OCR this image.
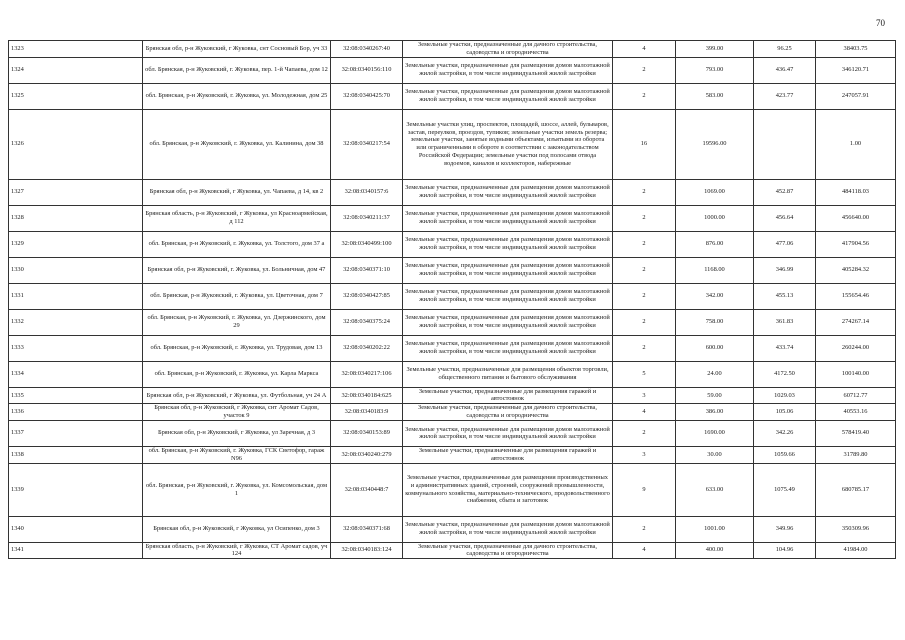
70
1323	Брянская обл, р-н Жуковский, г Жуковка, снт Сосновый Бор, уч 33	32:08:0340267:40	Земельные участки, предназначенные для дачного строительства, садоводства и огородничества	4	399.00	96.25	38403.75
1324	обл. Брянская, р-н Жуковский, г. Жуковка, пер. 1-й Чапаева, дом 12	32:08:0340156:110	Земельные участки, предназначенные для размещения домов малоэтажной жилой застройки, в том числе индивидуальной жилой застройки	2	793.00	436.47	346120.71
1325	обл. Брянская, р-н Жуковский, г. Жуковка, ул. Молодежная, дом 25	32:08:0340425:70	Земельные участки, предназначенные для размещения домов малоэтажной жилой застройки, в том числе индивидуальной жилой застройки	2	583.00	423.77	247057.91
1326	обл. Брянская, р-н Жуковский, г. Жуковка, ул. Калинина, дом 38	32:08:0340217:54	Земельные участки улиц, проспектов, площадей, шоссе, аллей, бульваров, застав, переулков, проездов, тупиков; земельные участки земель резерва; земельные участки, занятые водными объектами, изъятыми из оборота или ограниченными в обороте в соответствии с законодательством Российской Федерации; земельные участки под полосами отвода водоемов, каналов и коллекторов, набережные	16	19596.00		1.00
1327	Брянская обл, р-н Жуковский, г Жуковка, ул. Чапаева, д 14, кв 2	32:08:0340157:6	Земельные участки, предназначенные для размещения домов малоэтажной жилой застройки, в том числе индивидуальной жилой застройки	2	1069.00	452.87	484118.03
1328	Брянская область, р-н Жуковский, г Жуковка, ул Красноармейская, д 112	32:08:0340211:37	Земельные участки, предназначенные для размещения домов малоэтажной жилой застройки, в том числе индивидуальной жилой застройки	2	1000.00	456.64	456640.00
1329	обл. Брянская, р-н Жуковский, г. Жуковка, ул. Толстого, дом 37 а	32:08:0340499:100	Земельные участки, предназначенные для размещения домов малоэтажной жилой застройки, в том числе индивидуальной жилой застройки	2	876.00	477.06	417904.56
1330	Брянская обл, р-н Жуковский, г. Жуковка, ул. Больничная, дом 47	32:08:0340371:10	Земельные участки, предназначенные для размещения домов малоэтажной жилой застройки, в том числе индивидуальной жилой застройки	2	1168.00	346.99	405284.32
1331	обл. Брянская, р-н Жуковский, г. Жуковка, ул. Цветочная, дом 7	32:08:0340427:85	Земельные участки, предназначенные для размещения домов малоэтажной жилой застройки, в том числе индивидуальной жилой застройки	2	342.00	455.13	155654.46
1332	обл. Брянская, р-н Жуковский, г. Жуковка, ул. Дзержинского, дом 29	32:08:0340375:24	Земельные участки, предназначенные для размещения домов малоэтажной жилой застройки, в том числе индивидуальной жилой застройки	2	758.00	361.83	274267.14
1333	обл. Брянская, р-н Жуковский, г. Жуковка, ул. Трудовая, дом 13	32:08:0340202:22	Земельные участки, предназначенные для размещения домов малоэтажной жилой застройки, в том числе индивидуальной жилой застройки	2	600.00	433.74	260244.00
1334	обл. Брянская, р-н Жуковский, г. Жуковка, ул. Карла Маркса	32:08:0340217:106	Земельные участки, предназначенные для размещения объектов торговли, общественного питания и бытового обслуживания	5	24.00	4172.50	100140.00
1335	Брянская обл, р-н Жуковский, г Жуковка, ул. Футбольная, уч 24 А	32:08:0340184:625	Земельные участки, предназначенные для размещения гаражей и автостоянок	3	59.00	1029.03	60712.77
1336	Брянская обл, р-н Жуковский, г Жуковка, снт Аромат Садов, участок 9	32:08:0340183:9	Земельные участки, предназначенные для дачного строительства, садоводства и огородничества	4	386.00	105.06	40553.16
1337	Брянская обл, р-н Жуковский, г Жуковка, ул Заречная, д 3	32:08:0340153:89	Земельные участки, предназначенные для размещения домов малоэтажной жилой застройки, в том числе индивидуальной жилой застройки	2	1690.00	342.26	578419.40
1338	обл. Брянская, р-н Жуковский, г. Жуковка, ГСК Светофор, гараж N96	32:08:0340240:279	Земельные участки, предназначенные для размещения гаражей и автостоянок	3	30.00	1059.66	31789.80
1339	обл. Брянская, р-н Жуковский, г. Жуковка, ул. Комсомольская, дом 1	32:08:0340448:7	Земельные участки, предназначенные для размещения производственных и административных зданий, строений, сооружений промышленности, коммунального хозяйства, материально-технического, продовольственного снабжения, сбыта и заготовок	9	633.00	1075.49	680785.17
1340	Брянская обл, р-н Жуковский, г Жуковка, ул Осипенко, дом 3	32:08:0340371:68	Земельные участки, предназначенные для размещения домов малоэтажной жилой застройки, в том числе индивидуальной жилой застройки	2	1001.00	349.96	350309.96
1341	Брянская область, р-н Жуковский, г Жуковка, СТ Аромат садов, уч 124	32:08:0340183:124	Земельные участки, предназначенные для дачного строительства, садоводства и огородничества	4	400.00	104.96	41984.00
